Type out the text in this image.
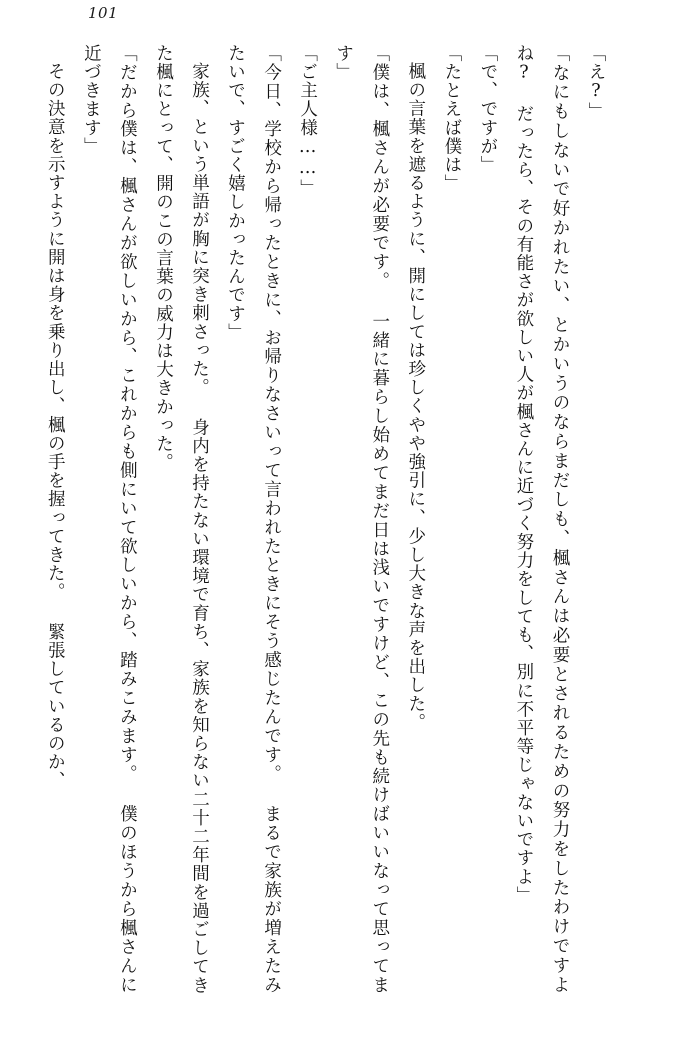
101

「え?」

「なにもしないで好かれたい、とかいうのならまだしも、楓さんは必要とされるための努力をしたわけですよね? だったら、その有能さが欲しい人が楓さんに近づく努力をしても、別に不平等じゃないですよ」

「で、ですが」

「たとえば僕は」

楓の言葉を遮るように、開にしては珍しくやや強引に、少し大きな声を出した。

「僕は、楓さんが必要です。 一緒に暮らし始めてまだ日は浅いですけど、この先も続けばいいなって思ってます」

「ご主人様……」

「今日、学校から帰ったときに、お帰りなさいって言われたときにそう感じたんです。 まるで家族が増えたみたいで、すごく嬉しかったんです」

家族、という単語が胸に突き刺さった。 身内を持たない環境で育ち、家族を知らない二十二年間を過ごしてきた楓にとって、開のこの言葉の威力は大きかった。

「だから僕は、楓さんが欲しいから、これからも側にいて欲しいから、踏みこみます。 僕のほうから楓さんに近づきます」

その決意を示すように開は身を乗り出し、楓の手を握ってきた。 緊張しているのか、
